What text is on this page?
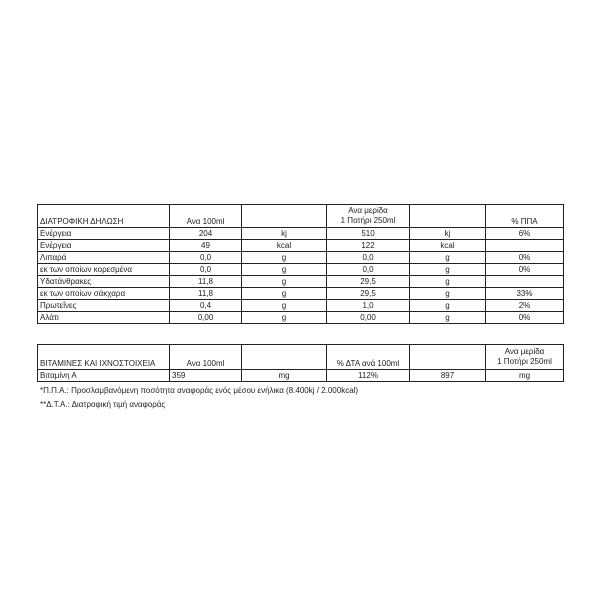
ΔΙΑΤΡΟΦΙΚΗ ΔΗΛΩΣΗ	Ανα 100ml		Ανα μερίδα
1 Ποτήρι 250ml		% ΠΠΑ
Ενέργεια	204	kj	510	kj	6%
Ενέργεια	49	kcal	122	kcal	
Λιπαρά	0,0	g	0,0	g	0%
εκ των οποίων κορεσμένα	0,0	g	0,0	g	0%
Υδατάνθρακες	11,8	g	29,5	g	
εκ των οποίων σάκχαρα	11,8	g	29,5	g	33%
Πρωτεΐνες	0,4	g	1,0	g	2%
Αλάτι	0,00	g	0,00	g	0%
ΒΙΤΑΜΙΝΕΣ ΚΑΙ ΙΧΝΟΣΤΟΙΧΕΙΑ	Ανα 100ml		% ΔΤΑ ανά 100ml		Ανα μερίδα
1 Ποτήρι 250ml

Βιταμίνη Α	359	mg	112%	897	mg
*Π.Π.Α.: Προσλαμβανόμενη ποσότητα αναφοράς ενός μέσου ενήλικα (8.400kj / 2.000kcal)
**Δ.Τ.Α.: Διατροφική τιμή αναφοράς
